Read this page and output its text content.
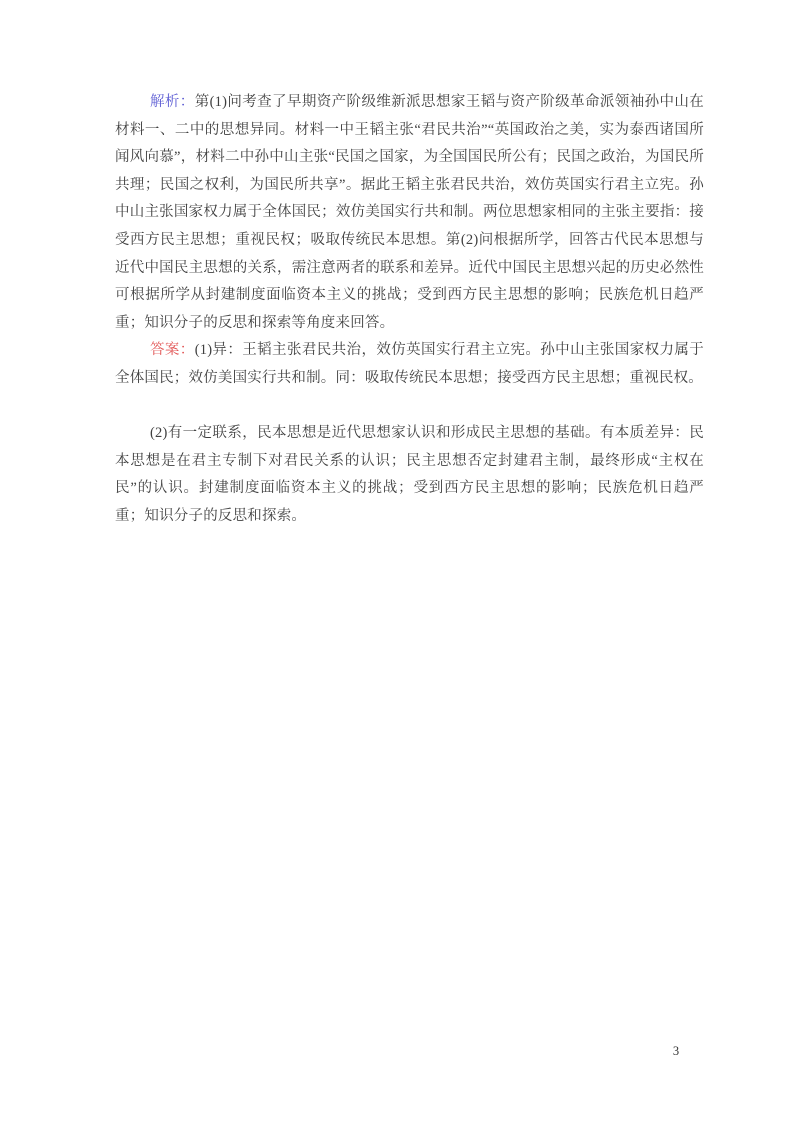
解析：第(1)问考查了早期资产阶级维新派思想家王韬与资产阶级革命派领袖孙中山在材料一、二中的思想异同。材料一中王韬主张“君民共治”“英国政治之美，实为泰西诸国所闻风向慕”，材料二中孙中山主张“民国之国家，为全国国民所公有；民国之政治，为国民所共理；民国之权利，为国民所共享”。据此王韬主张君民共治，效仿英国实行君主立宪。孙中山主张国家权力属于全体国民；效仿美国实行共和制。两位思想家相同的主张主要指：接受西方民主思想；重视民权；吸取传统民本思想。第(2)问根据所学，回答古代民本思想与近代中国民主思想的关系，需注意两者的联系和差异。近代中国民主思想兴起的历史必然性可根据所学从封建制度面临资本主义的挑战；受到西方民主思想的影响；民族危机日趋严重；知识分子的反思和探索等角度来回答。

答案：(1)异：王韬主张君民共治，效仿英国实行君主立宪。孙中山主张国家权力属于全体国民；效仿美国实行共和制。同：吸取传统民本思想；接受西方民主思想；重视民权。

(2)有一定联系，民本思想是近代思想家认识和形成民主思想的基础。有本质差异：民本思想是在君主专制下对君民关系的认识；民主思想否定封建君主制，最终形成“主权在民”的认识。封建制度面临资本主义的挑战；受到西方民主思想的影响；民族危机日趋严重；知识分子的反思和探索。

3
